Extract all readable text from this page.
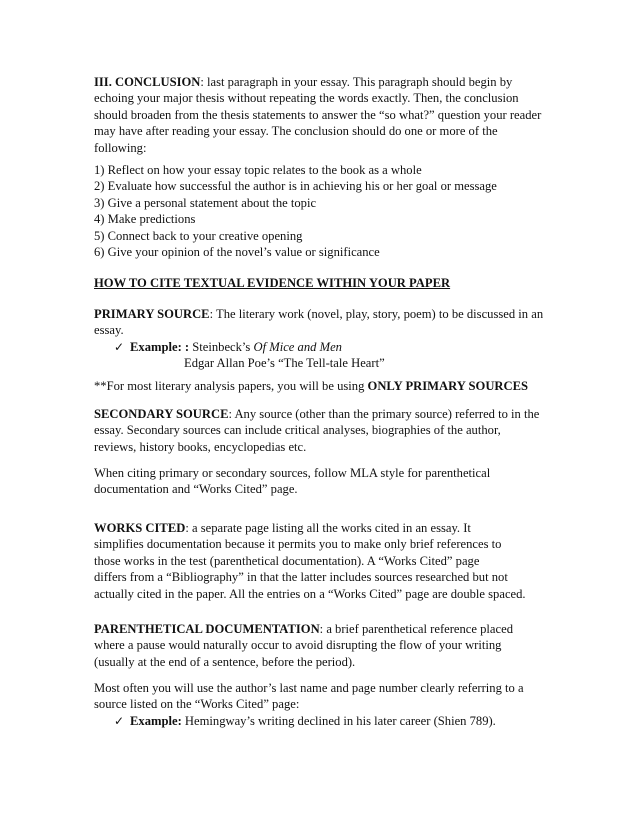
III. CONCLUSION: last paragraph in your essay. This paragraph should begin by
echoing your major thesis without repeating the words exactly. Then, the conclusion
should broaden from the thesis statements to answer the “so what?” question your reader
may have after reading your essay. The conclusion should do one or more of the
following:
1) Reflect on how your essay topic relates to the book as a whole
2) Evaluate how successful the author is in achieving his or her goal or message
3) Give a personal statement about the topic
4) Make predictions
5) Connect back to your creative opening
6) Give your opinion of the novel’s value or significance
HOW TO CITE TEXTUAL EVIDENCE WITHIN YOUR PAPER
PRIMARY SOURCE: The literary work (novel, play, story, poem) to be discussed in an
essay.
✓ Example: : Steinbeck’s Of Mice and Men
Edgar Allan Poe’s “The Tell-tale Heart”
**For most literary analysis papers, you will be using ONLY PRIMARY SOURCES
SECONDARY SOURCE: Any source (other than the primary source) referred to in the
essay. Secondary sources can include critical analyses, biographies of the author,
reviews, history books, encyclopedias etc.
When citing primary or secondary sources, follow MLA style for parenthetical
documentation and “Works Cited” page.
WORKS CITED: a separate page listing all the works cited in an essay. It
simplifies documentation because it permits you to make only brief references to
those works in the test (parenthetical documentation). A “Works Cited” page
differs from a “Bibliography” in that the latter includes sources researched but not
actually cited in the paper. All the entries on a “Works Cited” page are double spaced.
PARENTHETICAL DOCUMENTATION: a brief parenthetical reference placed
where a pause would naturally occur to avoid disrupting the flow of your writing
(usually at the end of a sentence, before the period).
Most often you will use the author’s last name and page number clearly referring to a
source listed on the “Works Cited” page:
✓ Example: Hemingway’s writing declined in his later career (Shien 789).
